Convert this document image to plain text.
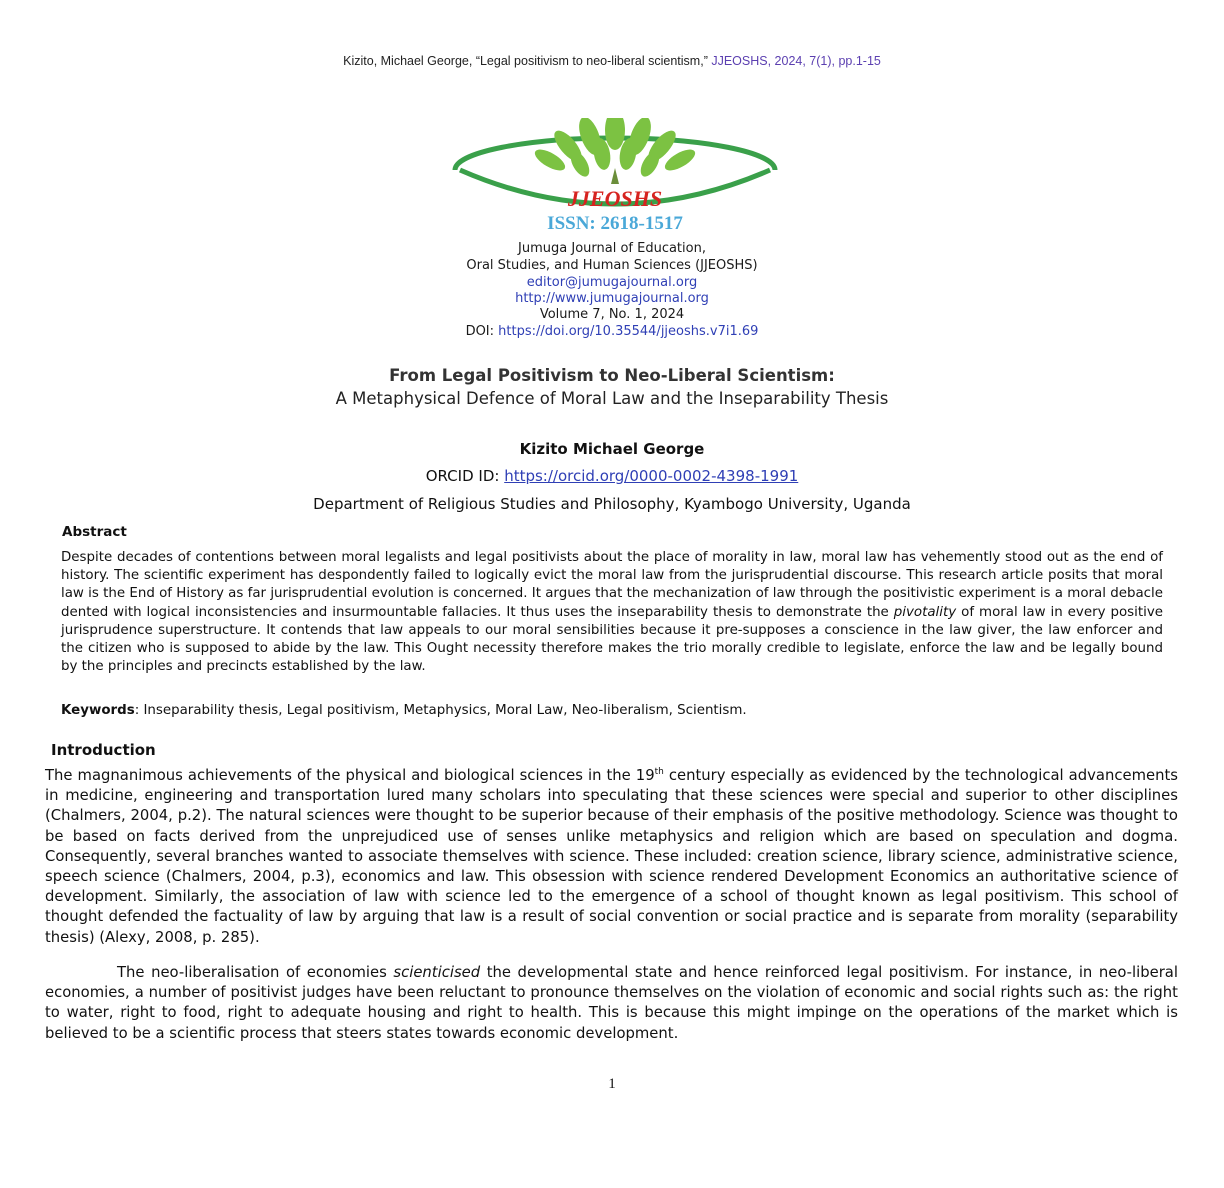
Kizito, Michael George, “Legal positivism to neo-liberal scientism,” JJEOSHS, 2024, 7(1), pp.1-15
JJEOSHS
ISSN: 2618-1517
Jumuga Journal of Education,
Oral Studies, and Human Sciences (JJEOSHS)
editor@jumugajournal.org
http://www.jumugajournal.org
Volume 7, No. 1, 2024
DOI: https://doi.org/10.35544/jjeoshs.v7i1.69
From Legal Positivism to Neo-Liberal Scientism:
A Metaphysical Defence of Moral Law and the Inseparability Thesis
Kizito Michael George
ORCID ID: https://orcid.org/0000-0002-4398-1991
Department of Religious Studies and Philosophy, Kyambogo University, Uganda
Abstract
Despite decades of contentions between moral legalists and legal positivists about the place of morality in law, moral law has vehemently stood out as the end of history. The scientific experiment has despondently failed to logically evict the moral law from the jurisprudential discourse. This research article posits that moral law is the End of History as far jurisprudential evolution is concerned. It argues that the mechanization of law through the positivistic experiment is a moral debacle dented with logical inconsistencies and insurmountable fallacies. It thus uses the inseparability thesis to demonstrate the pivotality of moral law in every positive jurisprudence superstructure. It contends that law appeals to our moral sensibilities because it pre-supposes a conscience in the law giver, the law enforcer and the citizen who is supposed to abide by the law. This Ought necessity therefore makes the trio morally credible to legislate, enforce the law and be legally bound by the principles and precincts established by the law.
Keywords: Inseparability thesis, Legal positivism, Metaphysics, Moral Law, Neo-liberalism, Scientism.
Introduction
The magnanimous achievements of the physical and biological sciences in the 19th century especially as evidenced by the technological advancements in medicine, engineering and transportation lured many scholars into speculating that these sciences were special and superior to other disciplines (Chalmers, 2004, p.2). The natural sciences were thought to be superior because of their emphasis of the positive methodology. Science was thought to be based on facts derived from the unprejudiced use of senses unlike metaphysics and religion which are based on speculation and dogma. Consequently, several branches wanted to associate themselves with science. These included: creation science, library science, administrative science, speech science (Chalmers, 2004, p.3), economics and law. This obsession with science rendered Development Economics an authoritative science of development. Similarly, the association of law with science led to the emergence of a school of thought known as legal positivism. This school of thought defended the factuality of law by arguing that law is a result of social convention or social practice and is separate from morality (separability thesis) (Alexy, 2008, p. 285).
The neo-liberalisation of economies scienticised the developmental state and hence reinforced legal positivism. For instance, in neo-liberal economies, a number of positivist judges have been reluctant to pronounce themselves on the violation of economic and social rights such as: the right to water, right to food, right to adequate housing and right to health. This is because this might impinge on the operations of the market which is believed to be a scientific process that steers states towards economic development.
1
